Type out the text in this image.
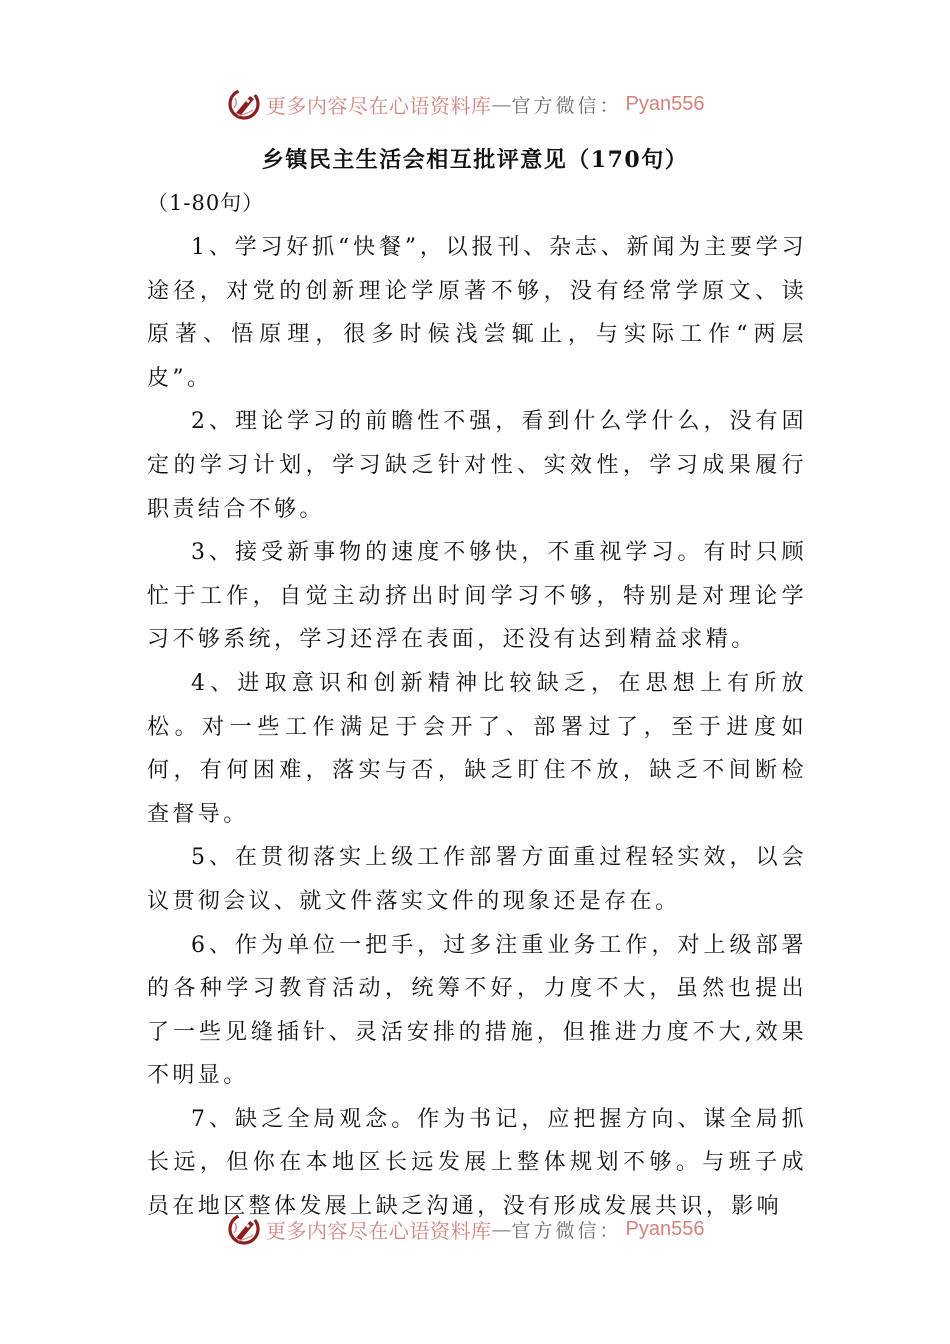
更多内容尽在心语资料库 — 官方微信： Pyan556
乡镇民主生活会相互批评意见（170句）
（1-80句）

1、学习好抓“快餐”，以报刊、杂志、新闻为主要学习途径，对党的创新理论学原著不够，没有经常学原文、读原著、悟原理，很多时候浅尝辄止，与实际工作“两层皮”。

2、理论学习的前瞻性不强，看到什么学什么，没有固定的学习计划，学习缺乏针对性、实效性，学习成果履行职责结合不够。

3、接受新事物的速度不够快，不重视学习。有时只顾忙于工作，自觉主动挤出时间学习不够，特别是对理论学习不够系统，学习还浮在表面，还没有达到精益求精。

4、进取意识和创新精神比较缺乏，在思想上有所放松。对一些工作满足于会开了、部署过了，至于进度如何，有何困难，落实与否，缺乏盯住不放，缺乏不间断检查督导。

5、在贯彻落实上级工作部署方面重过程轻实效，以会议贯彻会议、就文件落实文件的现象还是存在。

6、作为单位一把手，过多注重业务工作，对上级部署的各种学习教育活动，统筹不好，力度不大，虽然也提出了一些见缝插针、灵活安排的措施，但推进力度不大,效果不明显。

7、缺乏全局观念。作为书记，应把握方向、谋全局抓长远，但你在本地区长远发展上整体规划不够。与班子成员在地区整体发展上缺乏沟通，没有形成发展共识，影响

更多内容尽在心语资料库 — 官方微信： Pyan556
